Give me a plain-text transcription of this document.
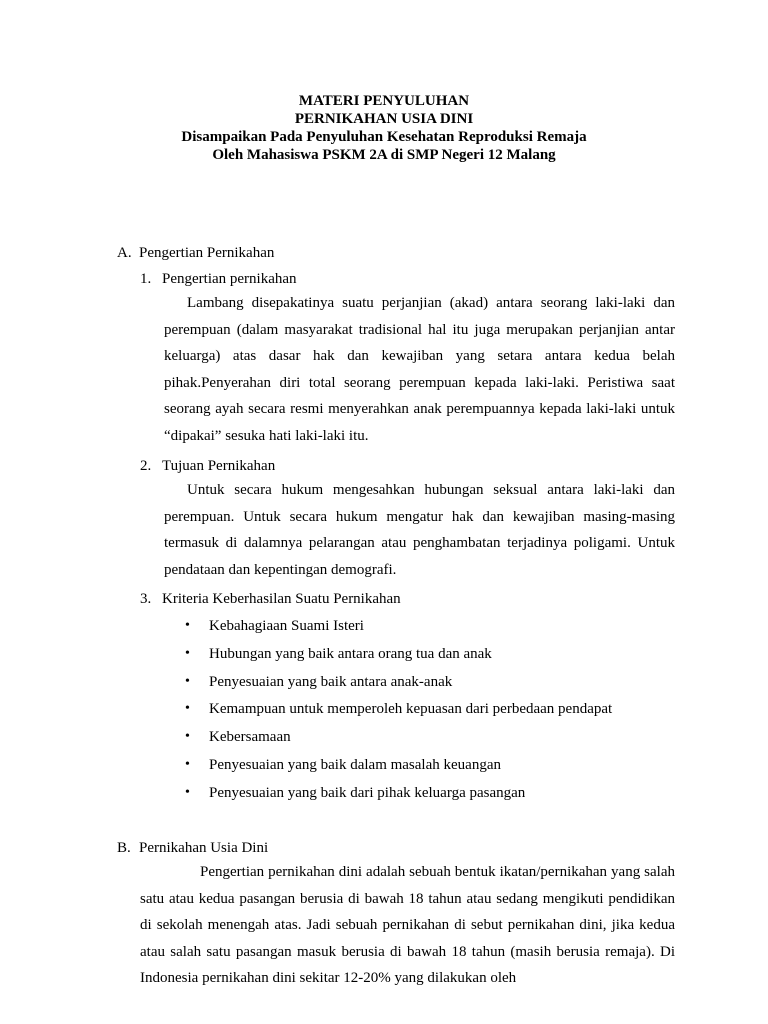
MATERI PENYULUHAN
PERNIKAHAN USIA DINI
Disampaikan Pada Penyuluhan Kesehatan Reproduksi Remaja
Oleh Mahasiswa PSKM 2A di SMP Negeri 12 Malang
A. Pengertian Pernikahan
1. Pengertian pernikahan

Lambang disepakatinya suatu perjanjian (akad) antara seorang laki-laki dan perempuan (dalam masyarakat tradisional hal itu juga merupakan perjanjian antar keluarga) atas dasar hak dan kewajiban yang setara antara kedua belah pihak.Penyerahan diri total seorang perempuan kepada laki-laki. Peristiwa saat seorang ayah secara resmi menyerahkan anak perempuannya kepada laki-laki untuk “dipakai” sesuka hati laki-laki itu.

2. Tujuan Pernikahan

Untuk secara hukum mengesahkan hubungan seksual antara laki-laki dan perempuan. Untuk secara hukum mengatur hak dan kewajiban masing-masing termasuk di dalamnya pelarangan atau penghambatan terjadinya poligami. Untuk pendataan dan kepentingan demografi.

3. Kriteria Keberhasilan Suatu Pernikahan
•	Kebahagiaan Suami Isteri
•	Hubungan yang baik antara orang tua dan anak
•	Penyesuaian yang baik antara anak-anak
•	Kemampuan untuk memperoleh kepuasan dari perbedaan pendapat
•	Kebersamaan
•	Penyesuaian yang baik dalam masalah keuangan
•	Penyesuaian yang baik dari pihak keluarga pasangan
B. Pernikahan Usia Dini

Pengertian pernikahan dini adalah sebuah bentuk ikatan/pernikahan yang salah satu atau kedua pasangan berusia di bawah 18 tahun atau sedang mengikuti pendidikan di sekolah menengah atas. Jadi sebuah pernikahan di sebut pernikahan dini, jika kedua atau salah satu pasangan masuk berusia di bawah 18 tahun (masih berusia remaja). Di Indonesia pernikahan dini sekitar 12-20% yang dilakukan oleh
